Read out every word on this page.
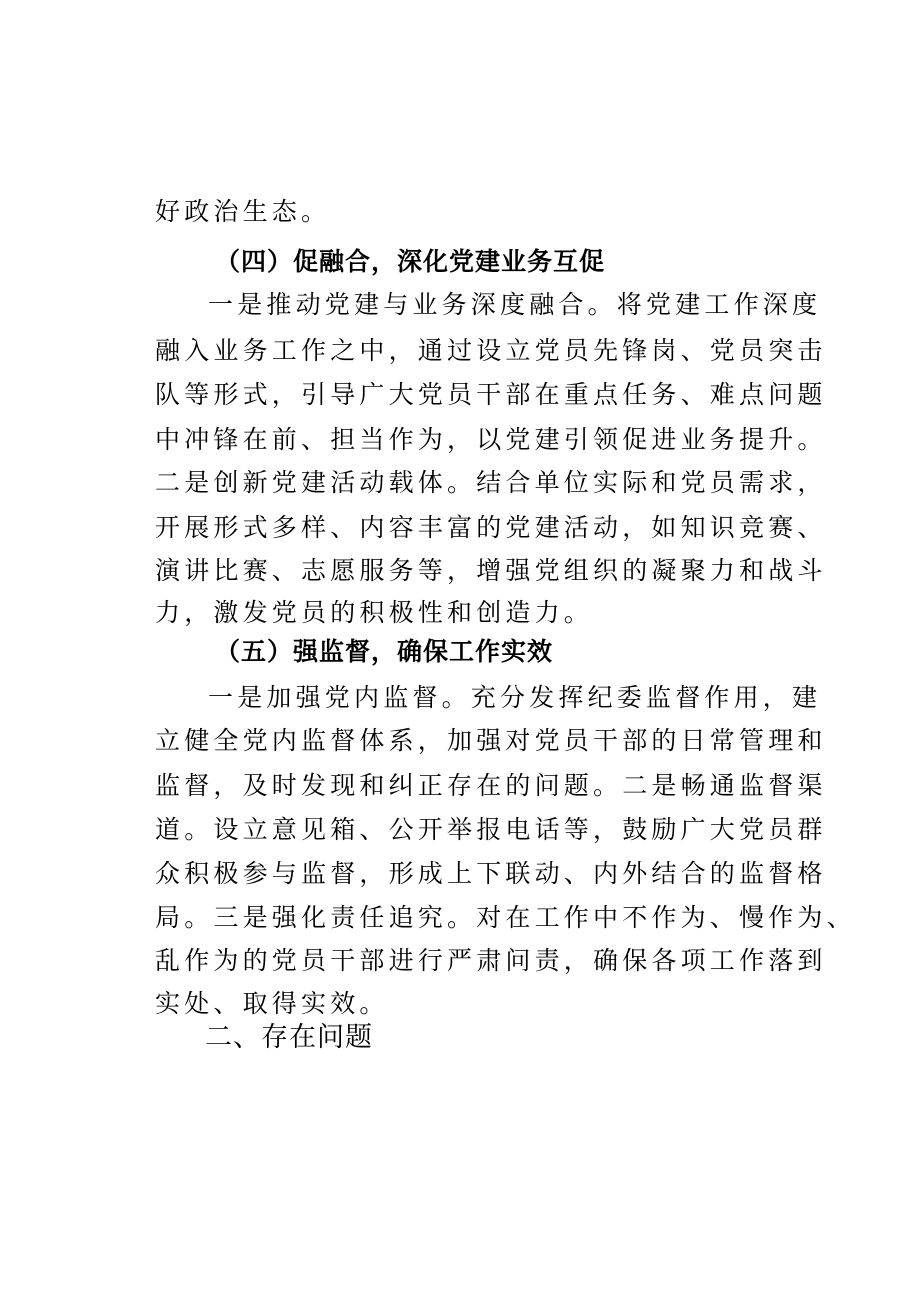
好政治生态。
（四）促融合，深化党建业务互促
一是推动党建与业务深度融合。将党建工作深度
融入业务工作之中，通过设立党员先锋岗、党员突击
队等形式，引导广大党员干部在重点任务、难点问题
中冲锋在前、担当作为，以党建引领促进业务提升。
二是创新党建活动载体。结合单位实际和党员需求，
开展形式多样、内容丰富的党建活动，如知识竞赛、
演讲比赛、志愿服务等，增强党组织的凝聚力和战斗
力，激发党员的积极性和创造力。
（五）强监督，确保工作实效
一是加强党内监督。充分发挥纪委监督作用，建
立健全党内监督体系，加强对党员干部的日常管理和
监督，及时发现和纠正存在的问题。二是畅通监督渠
道。设立意见箱、公开举报电话等，鼓励广大党员群
众积极参与监督，形成上下联动、内外结合的监督格
局。三是强化责任追究。对在工作中不作为、慢作为、
乱作为的党员干部进行严肃问责，确保各项工作落到
实处、取得实效。
二、存在问题
